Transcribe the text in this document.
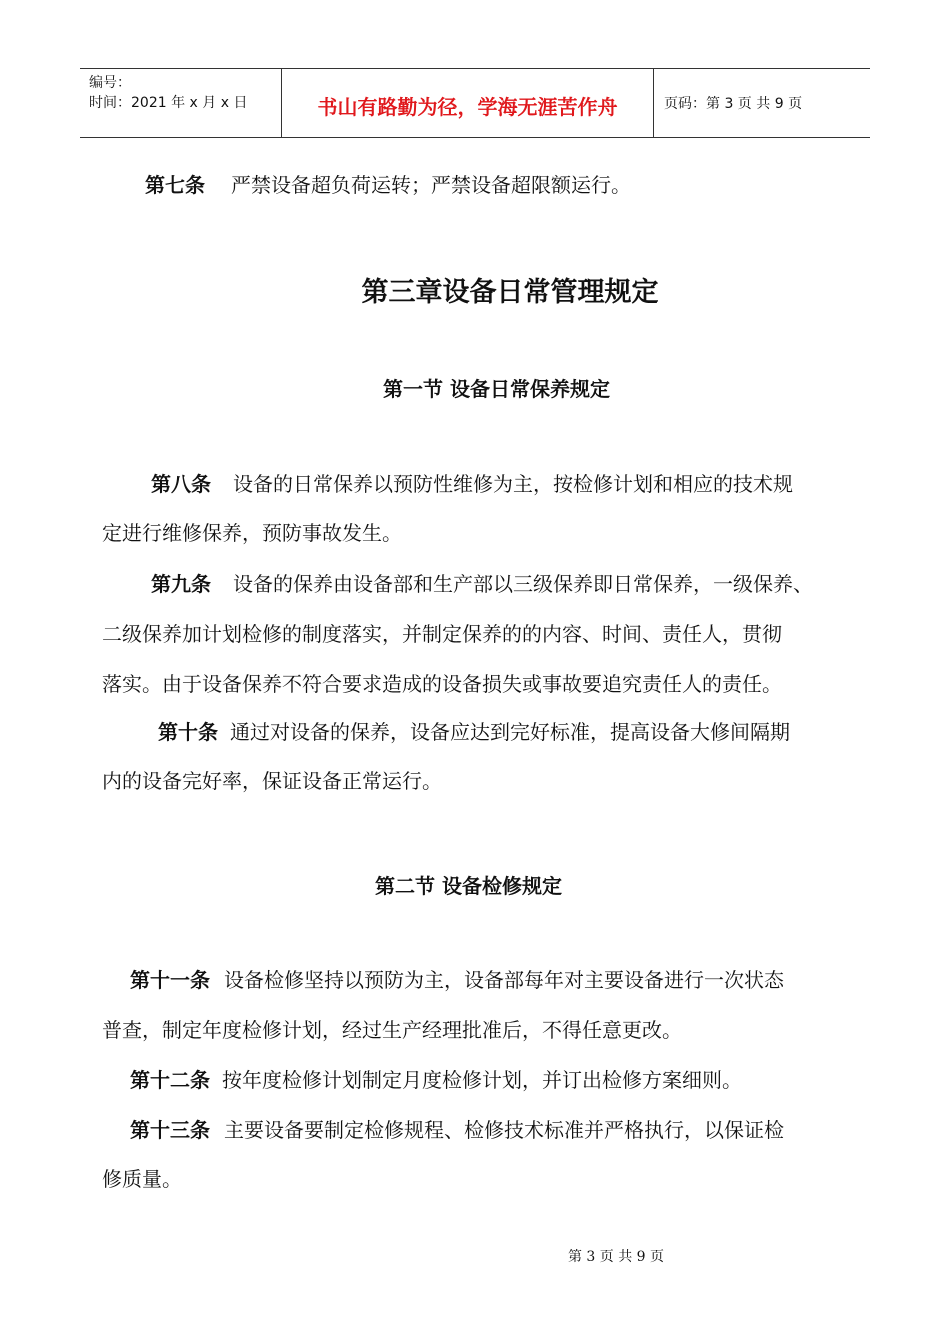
编号：
时间：2021 年 x 月 x 日	书山有路勤为径，学海无涯苦作舟	页码：第 3 页 共 9 页
第七条 严禁设备超负荷运转；严禁设备超限额运行。
第三章设备日常管理规定
第一节 设备日常保养规定
第八条 设备的日常保养以预防性维修为主，按检修计划和相应的技术规
定进行维修保养，预防事故发生。
第九条 设备的保养由设备部和生产部以三级保养即日常保养，一级保养、
二级保养加计划检修的制度落实，并制定保养的的内容、时间、责任人，贯彻
落实。由于设备保养不符合要求造成的设备损失或事故要追究责任人的责任。
第十条 通过对设备的保养，设备应达到完好标准，提高设备大修间隔期
内的设备完好率，保证设备正常运行。
第二节 设备检修规定
第十一条 设备检修坚持以预防为主，设备部每年对主要设备进行一次状态
普查，制定年度检修计划，经过生产经理批准后，不得任意更改。
第十二条 按年度检修计划制定月度检修计划，并订出检修方案细则。
第十三条 主要设备要制定检修规程、检修技术标准并严格执行，以保证检
修质量。
第 3 页 共 9 页
